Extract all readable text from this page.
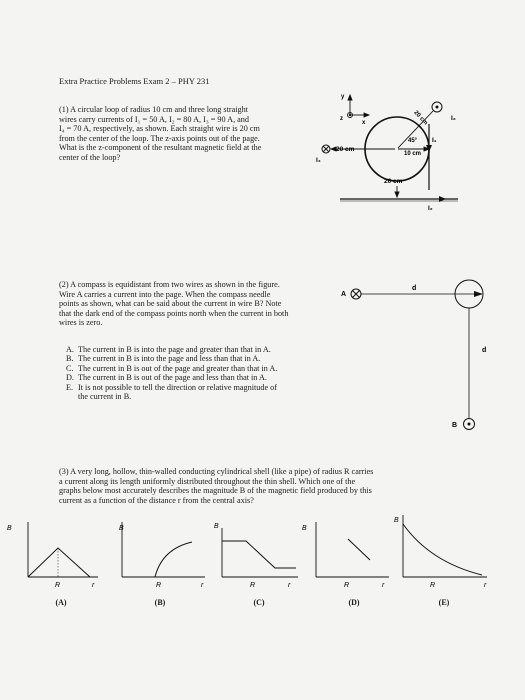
Extra Practice Problems Exam 2 – PHY 231
(1) A circular loop of radius 10 cm and three long straight
wires carry currents of I₁ = 50 A, I₂ = 80 A, I₃ = 90 A, and
I₄ = 70 A, respectively, as shown. Each straight wire is 20 cm
from the center of the loop. The z-axis points out of the page.
What is the z-component of the resultant magnetic field at the
center of the loop?
y
z
x
20 cm
I₄
I₃
20 cm
45° I₁
10 cm
20 cm
I₂
(2) A compass is equidistant from two wires as shown in the figure.
Wire A carries a current into the page. When the compass needle
points as shown, what can be said about the current in wire B? Note
that the dark end of the compass points north when the current in both
wires is zero.
A. The current in B is into the page and greater than that in A.
B. The current in B is into the page and less than that in A.
C. The current in B is out of the page and greater than that in A.
D. The current in B is out of the page and less than that in A.
E. It is not possible to tell the direction or relative magnitude of
the current in B.
A
d
d
B
(3) A very long, hollow, thin-walled conducting cylindrical shell (like a pipe) of radius R carries
a current along its length uniformly distributed throughout the thin shell. Which one of the
graphs below most accurately describes the magnitude B of the magnetic field produced by this
current as a function of the distance r from the central axis?
B
R	r
B
R	r
B
R	r
B
R	r
B
R	r
(A)	(B)	(C)	(D)	(E)
